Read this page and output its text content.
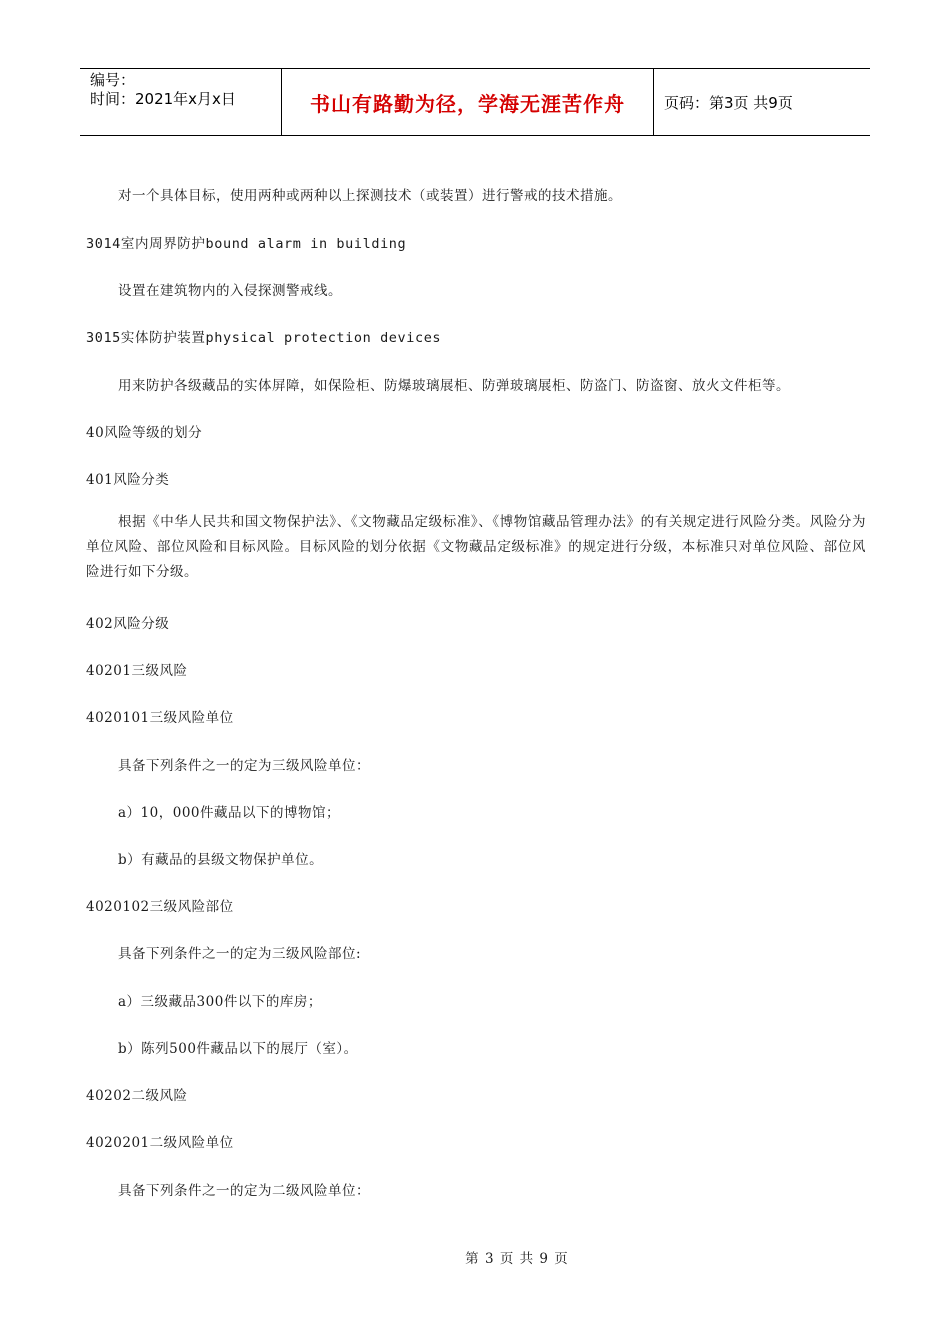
编号：
时间：2021年x月x日	书山有路勤为径，学海无涯苦作舟	页码：第3页 共9页
对一个具体目标，使用两种或两种以上探测技术（或装置）进行警戒的技术措施。
3014室内周界防护bound alarm in building
设置在建筑物内的入侵探测警戒线。
3015实体防护装置physical protection devices
用来防护各级藏品的实体屏障，如保险柜、防爆玻璃展柜、防弹玻璃展柜、防盗门、防盗窗、放火文件柜等。
40风险等级的划分
401风险分类
根据《中华人民共和国文物保护法》、《文物藏品定级标准》、《博物馆藏品管理办法》的有关规定进行风险分类。风险分为单位风险、部位风险和目标风险。目标风险的划分依据《文物藏品定级标准》的规定进行分级，本标准只对单位风险、部位风险进行如下分级。
402风险分级
40201三级风险
4020101三级风险单位
具备下列条件之一的定为三级风险单位：
a）10，000件藏品以下的博物馆；
b）有藏品的县级文物保护单位。
4020102三级风险部位
具备下列条件之一的定为三级风险部位:
a）三级藏品300件以下的库房；
b）陈列500件藏品以下的展厅（室）。
40202二级风险
4020201二级风险单位
具备下列条件之一的定为二级风险单位：
第 3 页 共 9 页
